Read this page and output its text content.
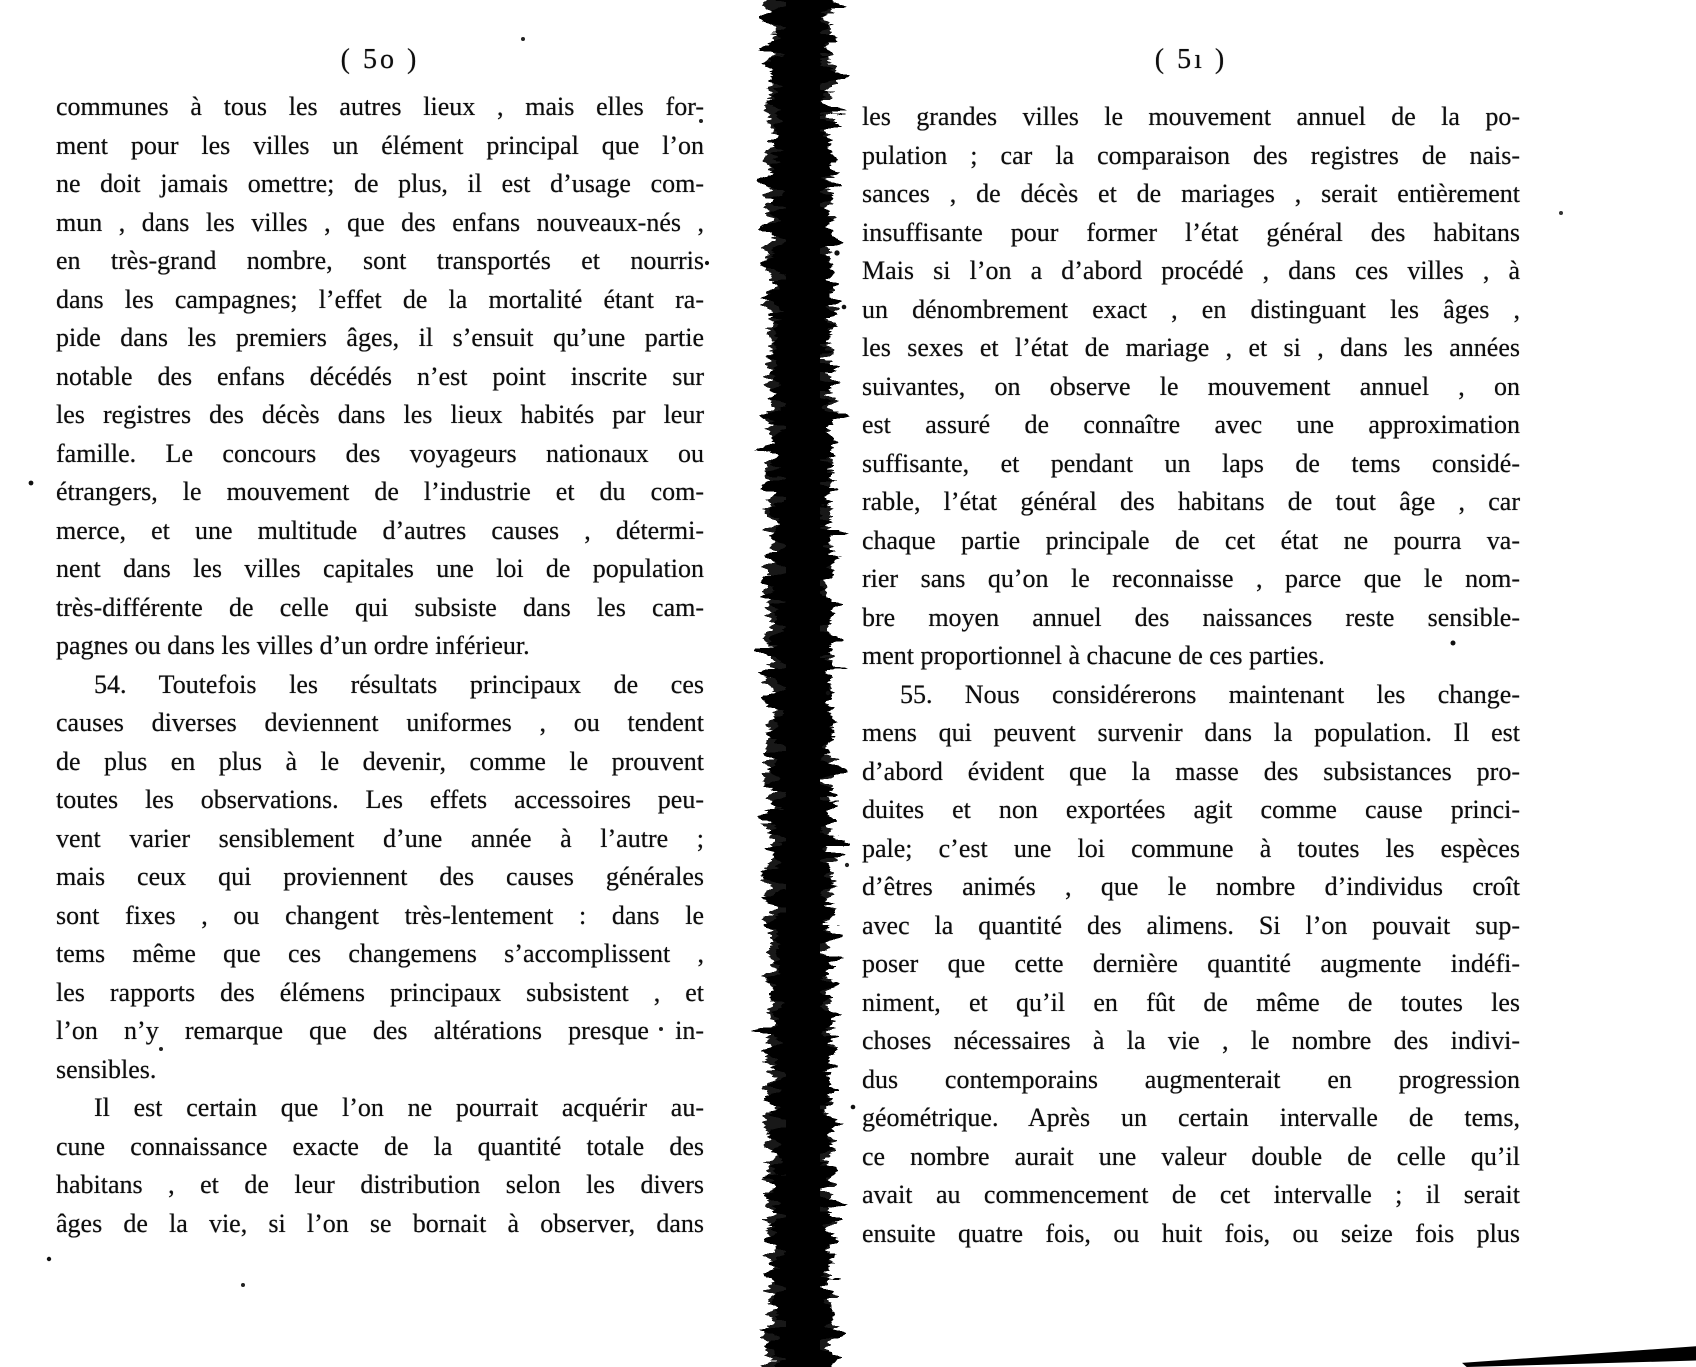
( 5o )
communes à tous les autres lieux , mais elles for-
ment pour les villes un élément principal que l’on
ne doit jamais omettre; de plus, il est d’usage com-
mun , dans les villes , que des enfans nouveaux-nés ,
en très-grand nombre, sont transportés et nourris
dans les campagnes; l’effet de la mortalité étant ra-
pide dans les premiers âges, il s’ensuit qu’une partie
notable des enfans décédés n’est point inscrite sur
les registres des décès dans les lieux habités par leur
famille. Le concours des voyageurs nationaux ou
étrangers, le mouvement de l’industrie et du com-
merce, et une multitude d’autres causes , détermi-
nent dans les villes capitales une loi de population
très-différente de celle qui subsiste dans les cam-
pagnes ou dans les villes d’un ordre inférieur.
54. Toutefois les résultats principaux de ces
causes diverses deviennent uniformes , ou tendent
de plus en plus à le devenir, comme le prouvent
toutes les observations. Les effets accessoires peu-
vent varier sensiblement d’une année à l’autre ;
mais ceux qui proviennent des causes générales
sont fixes , ou changent très-lentement : dans le
tems même que ces changemens s’accomplissent ,
les rapports des élémens principaux subsistent , et
l’on n’y remarque que des altérations presque in-
sensibles.
Il est certain que l’on ne pourrait acquérir au-
cune connaissance exacte de la quantité totale des
habitans , et de leur distribution selon les divers
âges de la vie, si l’on se bornait à observer, dans
( 5ı )
les grandes villes le mouvement annuel de la po-
pulation ; car la comparaison des registres de nais-
sances , de décès et de mariages , serait entièrement
insuffisante pour former l’état général des habitans
Mais si l’on a d’abord procédé , dans ces villes , à
un dénombrement exact , en distinguant les âges ,
les sexes et l’état de mariage , et si , dans les années
suivantes, on observe le mouvement annuel , on
est assuré de connaître avec une approximation
suffisante, et pendant un laps de tems considé-
rable, l’état général des habitans de tout âge , car
chaque partie principale de cet état ne pourra va-
rier sans qu’on le reconnaisse , parce que le nom-
bre moyen annuel des naissances reste sensible-
ment proportionnel à chacune de ces parties.
55. Nous considérerons maintenant les change-
mens qui peuvent survenir dans la population. Il est
d’abord évident que la masse des subsistances pro-
duites et non exportées agit comme cause princi-
pale; c’est une loi commune à toutes les espèces
d’êtres animés , que le nombre d’individus croît
avec la quantité des alimens. Si l’on pouvait sup-
poser que cette dernière quantité augmente indéfi-
niment, et qu’il en fût de même de toutes les
choses nécessaires à la vie , le nombre des indivi-
dus contemporains augmenterait en progression
géométrique. Après un certain intervalle de tems,
ce nombre aurait une valeur double de celle qu’il
avait au commencement de cet intervalle ; il serait
ensuite quatre fois, ou huit fois, ou seize fois plus
